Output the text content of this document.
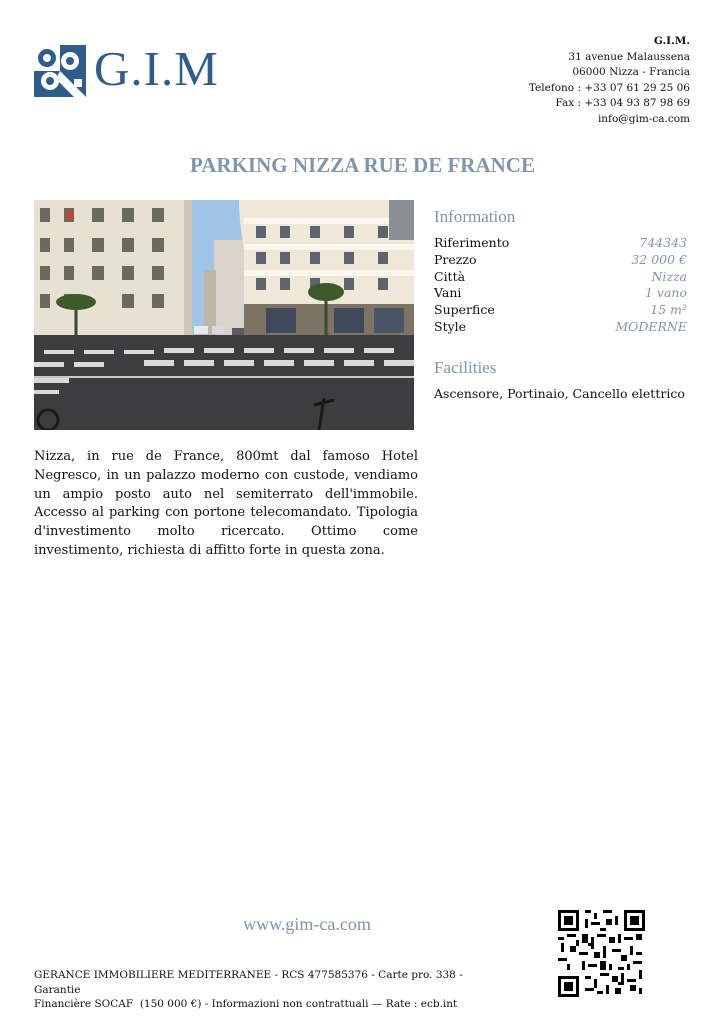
G.I.M	G.I.M.
31 avenue Malaussena
06000 Nizza - Francia
Telefono : +33 07 61 29 25 06
Fax : +33 04 93 87 98 69
info@gim-ca.com
PARKING NIZZA RUE DE FRANCE
Information
Riferimento	744343
Prezzo	32 000 €
Città	Nizza
Vani	1 vano
Superfice	15 m²
Style	MODERNE
Facilities
Ascensore, Portinaio, Cancello elettrico
Nizza, in rue de France, 800mt dal famoso Hotel Negresco, in un palazzo moderno con custode, vendiamo un ampio posto auto nel semiterrato dell'immobile. Accesso al parking con portone telecomandato. Tipologia d'investimento molto ricercato. Ottimo come investimento, richiesta di affitto forte in questa zona.
www.gim-ca.com
GERANCE IMMOBILIERE MEDITERRANEE - RCS 477585376 - Carte pro. 338 - Garantie
Financière SOCAF  (150 000 €) - Informazioni non contrattuali — Rate : ecb.int
